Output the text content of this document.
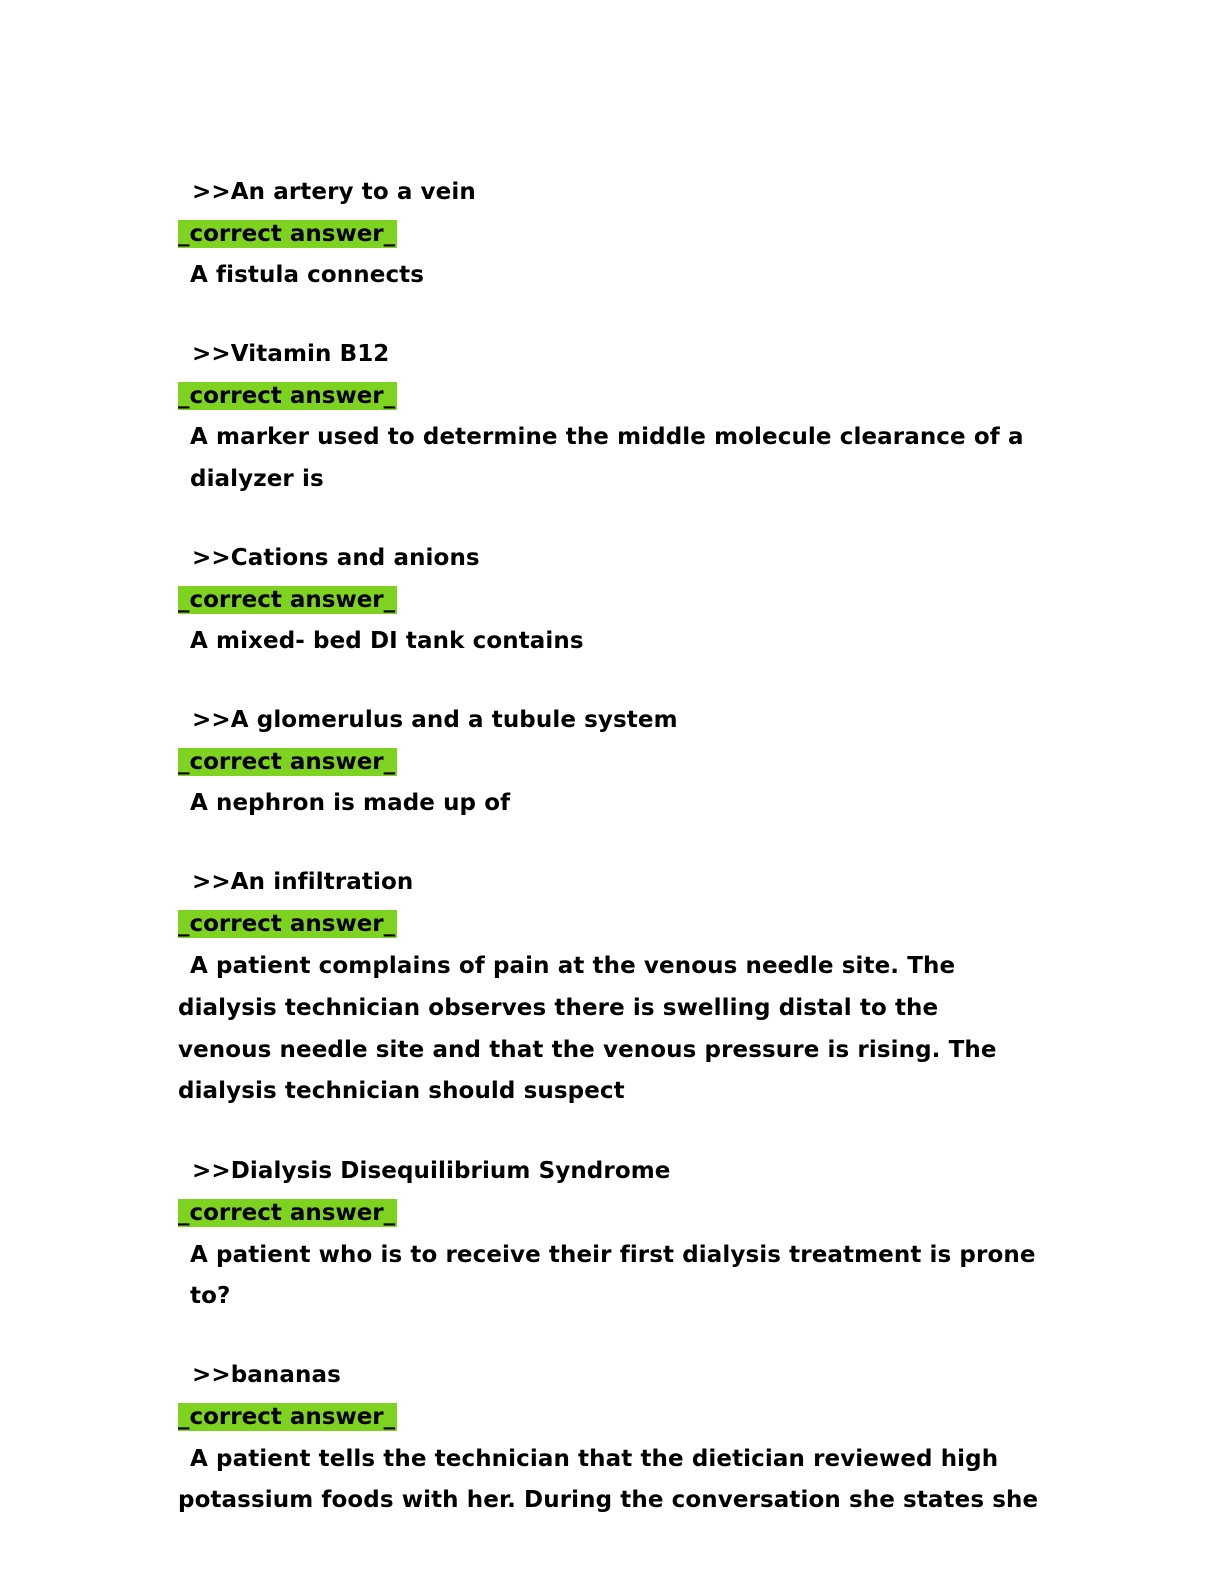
>>An artery to a vein
_correct answer_
A fistula connects
>>Vitamin B12
_correct answer_
A marker used to determine the middle molecule clearance of a
dialyzer is
>>Cations and anions
_correct answer_
A mixed- bed DI tank contains
>>A glomerulus and a tubule system
_correct answer_
A nephron is made up of
>>An infiltration
_correct answer_
A patient complains of pain at the venous needle site. The
dialysis technician observes there is swelling distal to the
venous needle site and that the venous pressure is rising. The
dialysis technician should suspect
>>Dialysis Disequilibrium Syndrome
_correct answer_
A patient who is to receive their first dialysis treatment is prone
to?
>>bananas
_correct answer_
A patient tells the technician that the dietician reviewed high
potassium foods with her. During the conversation she states she
